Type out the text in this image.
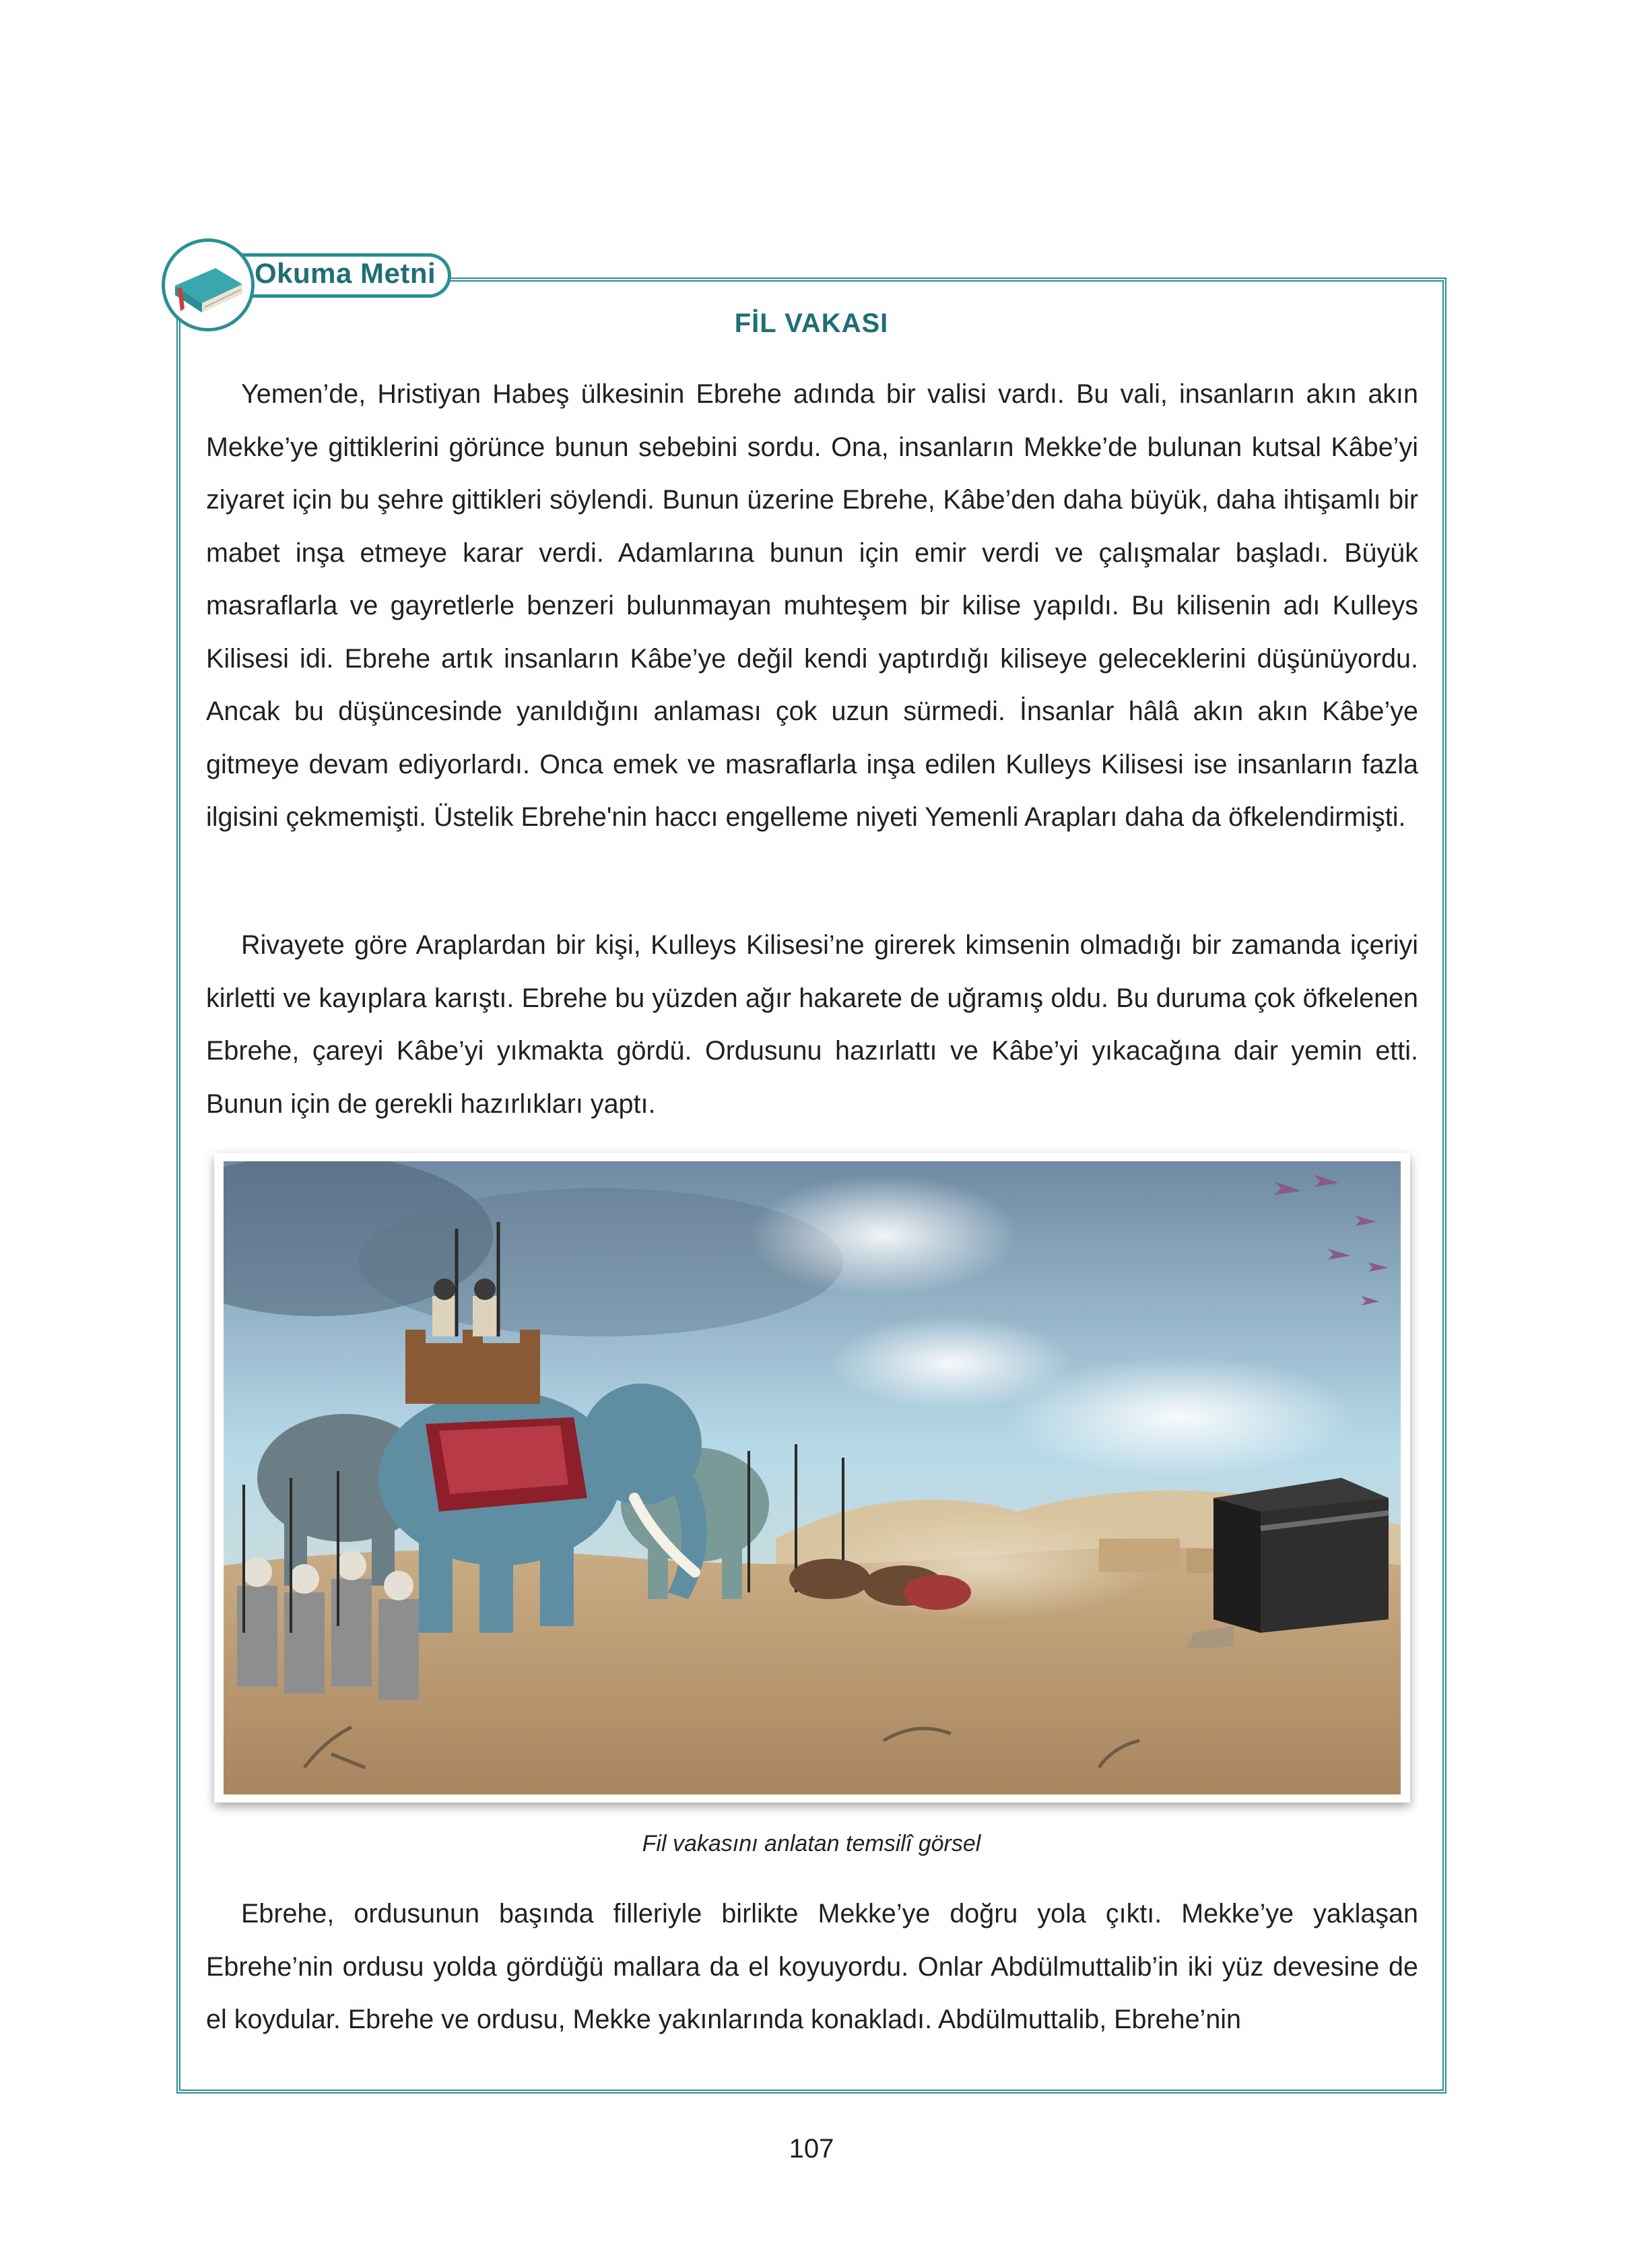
Okuma Metni
FİL VAKASI

Yemen’de, Hristiyan Habeş ülkesinin Ebrehe adında bir valisi vardı. Bu vali, insanların akın akın Mekke’ye gittiklerini görünce bunun sebebini sordu. Ona, insanların Mekke’de bulunan kutsal Kâbe’yi ziyaret için bu şehre gittikleri söylendi. Bunun üzerine Ebrehe, Kâbe’den daha büyük, daha ihtişamlı bir mabet inşa etmeye karar verdi. Adamlarına bunun için emir verdi ve çalışmalar başladı. Büyük masraflarla ve gayretlerle benzeri bulunmayan muhteşem bir kilise yapıldı. Bu kilisenin adı Kulleys Kilisesi idi. Ebrehe artık insanların Kâbe’ye değil kendi yaptırdığı kiliseye geleceklerini düşünüyordu. Ancak bu düşüncesinde yanıldığını anlaması çok uzun sürmedi. İnsanlar hâlâ akın akın Kâbe’ye gitmeye devam ediyorlardı. Onca emek ve masraflarla inşa edilen Kulleys Kilisesi ise insanların fazla ilgisini çekmemişti. Üstelik Ebrehe'nin haccı engelleme niyeti Yemenli Arapları daha da öfkelendirmişti.

Rivayete göre Araplardan bir kişi, Kulleys Kilisesi’ne girerek kimsenin olmadığı bir zamanda içeriyi kirletti ve kayıplara karıştı. Ebrehe bu yüzden ağır hakarete de uğramış oldu. Bu duruma çok öfkelenen Ebrehe, çareyi Kâbe’yi yıkmakta gördü. Ordusunu hazırlattı ve Kâbe’yi yıkacağına dair yemin etti. Bunun için de gerekli hazırlıkları yaptı.

Fil vakasını anlatan temsilî görsel

Ebrehe, ordusunun başında filleriyle birlikte Mekke’ye doğru yola çıktı. Mekke’ye yaklaşan Ebrehe’nin ordusu yolda gördüğü mallara da el koyuyordu. Onlar Abdülmuttalib’in iki yüz devesine de el koydular. Ebrehe ve ordusu, Mekke yakınlarında konakladı. Abdülmuttalib, Ebrehe’nin

107
